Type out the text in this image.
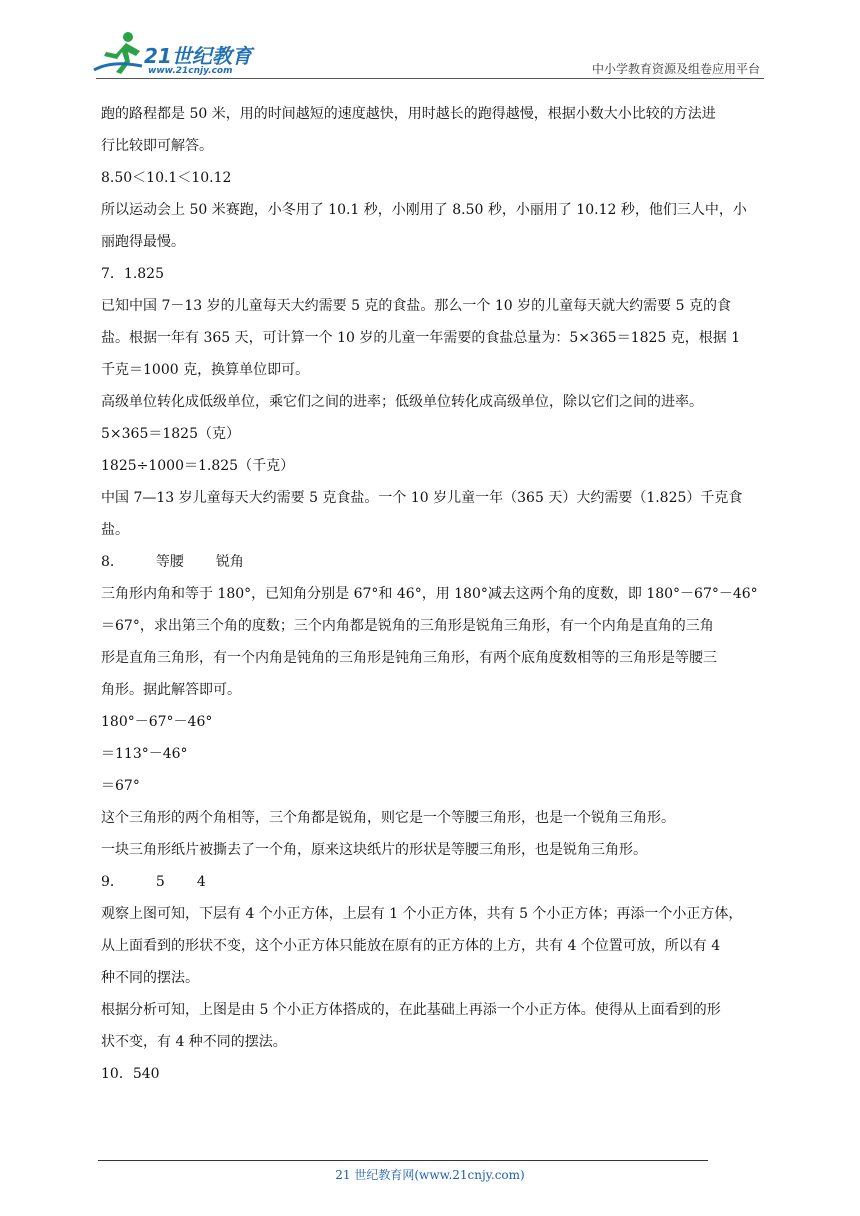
21世纪教育
www.21cnjy.com	中小学教育资源及组卷应用平台

跑的路程都是 50 米，用的时间越短的速度越快，用时越长的跑得越慢，根据小数大小比较的方法进

行比较即可解答。

8.50＜10.1＜10.12

所以运动会上 50 米赛跑，小冬用了 10.1 秒，小刚用了 8.50 秒，小丽用了 10.12 秒，他们三人中，小

丽跑得最慢。

7．1.825

已知中国 7－13 岁的儿童每天大约需要 5 克的食盐。那么一个 10 岁的儿童每天就大约需要 5 克的食

盐。根据一年有 365 天，可计算一个 10 岁的儿童一年需要的食盐总量为：5×365＝1825 克，根据 1

千克＝1000 克，换算单位即可。

高级单位转化成低级单位，乘它们之间的进率；低级单位转化成高级单位，除以它们之间的进率。

5×365＝1825（克）

1825÷1000＝1.825（千克）

中国 7—13 岁儿童每天大约需要 5 克食盐。一个 10 岁儿童一年（365 天）大约需要（1.825）千克食

盐。

8． 等腰 锐角

三角形内角和等于 180°，已知角分别是 67°和 46°，用 180°减去这两个角的度数，即 180°－67°－46°

＝67°，求出第三个角的度数；三个内角都是锐角的三角形是锐角三角形，有一个内角是直角的三角

形是直角三角形，有一个内角是钝角的三角形是钝角三角形，有两个底角度数相等的三角形是等腰三

角形。据此解答即可。

180°－67°－46°

＝113°－46°

＝67°

这个三角形的两个角相等，三个角都是锐角，则它是一个等腰三角形，也是一个锐角三角形。

一块三角形纸片被撕去了一个角，原来这块纸片的形状是等腰三角形，也是锐角三角形。

9． 5 4

观察上图可知，下层有 4 个小正方体，上层有 1 个小正方体，共有 5 个小正方体；再添一个小正方体，

从上面看到的形状不变，这个小正方体只能放在原有的正方体的上方，共有 4 个位置可放，所以有 4

种不同的摆法。

根据分析可知，上图是由 5 个小正方体搭成的，在此基础上再添一个小正方体。使得从上面看到的形

状不变，有 4 种不同的摆法。

10．540

21 世纪教育网(www.21cnjy.com)
